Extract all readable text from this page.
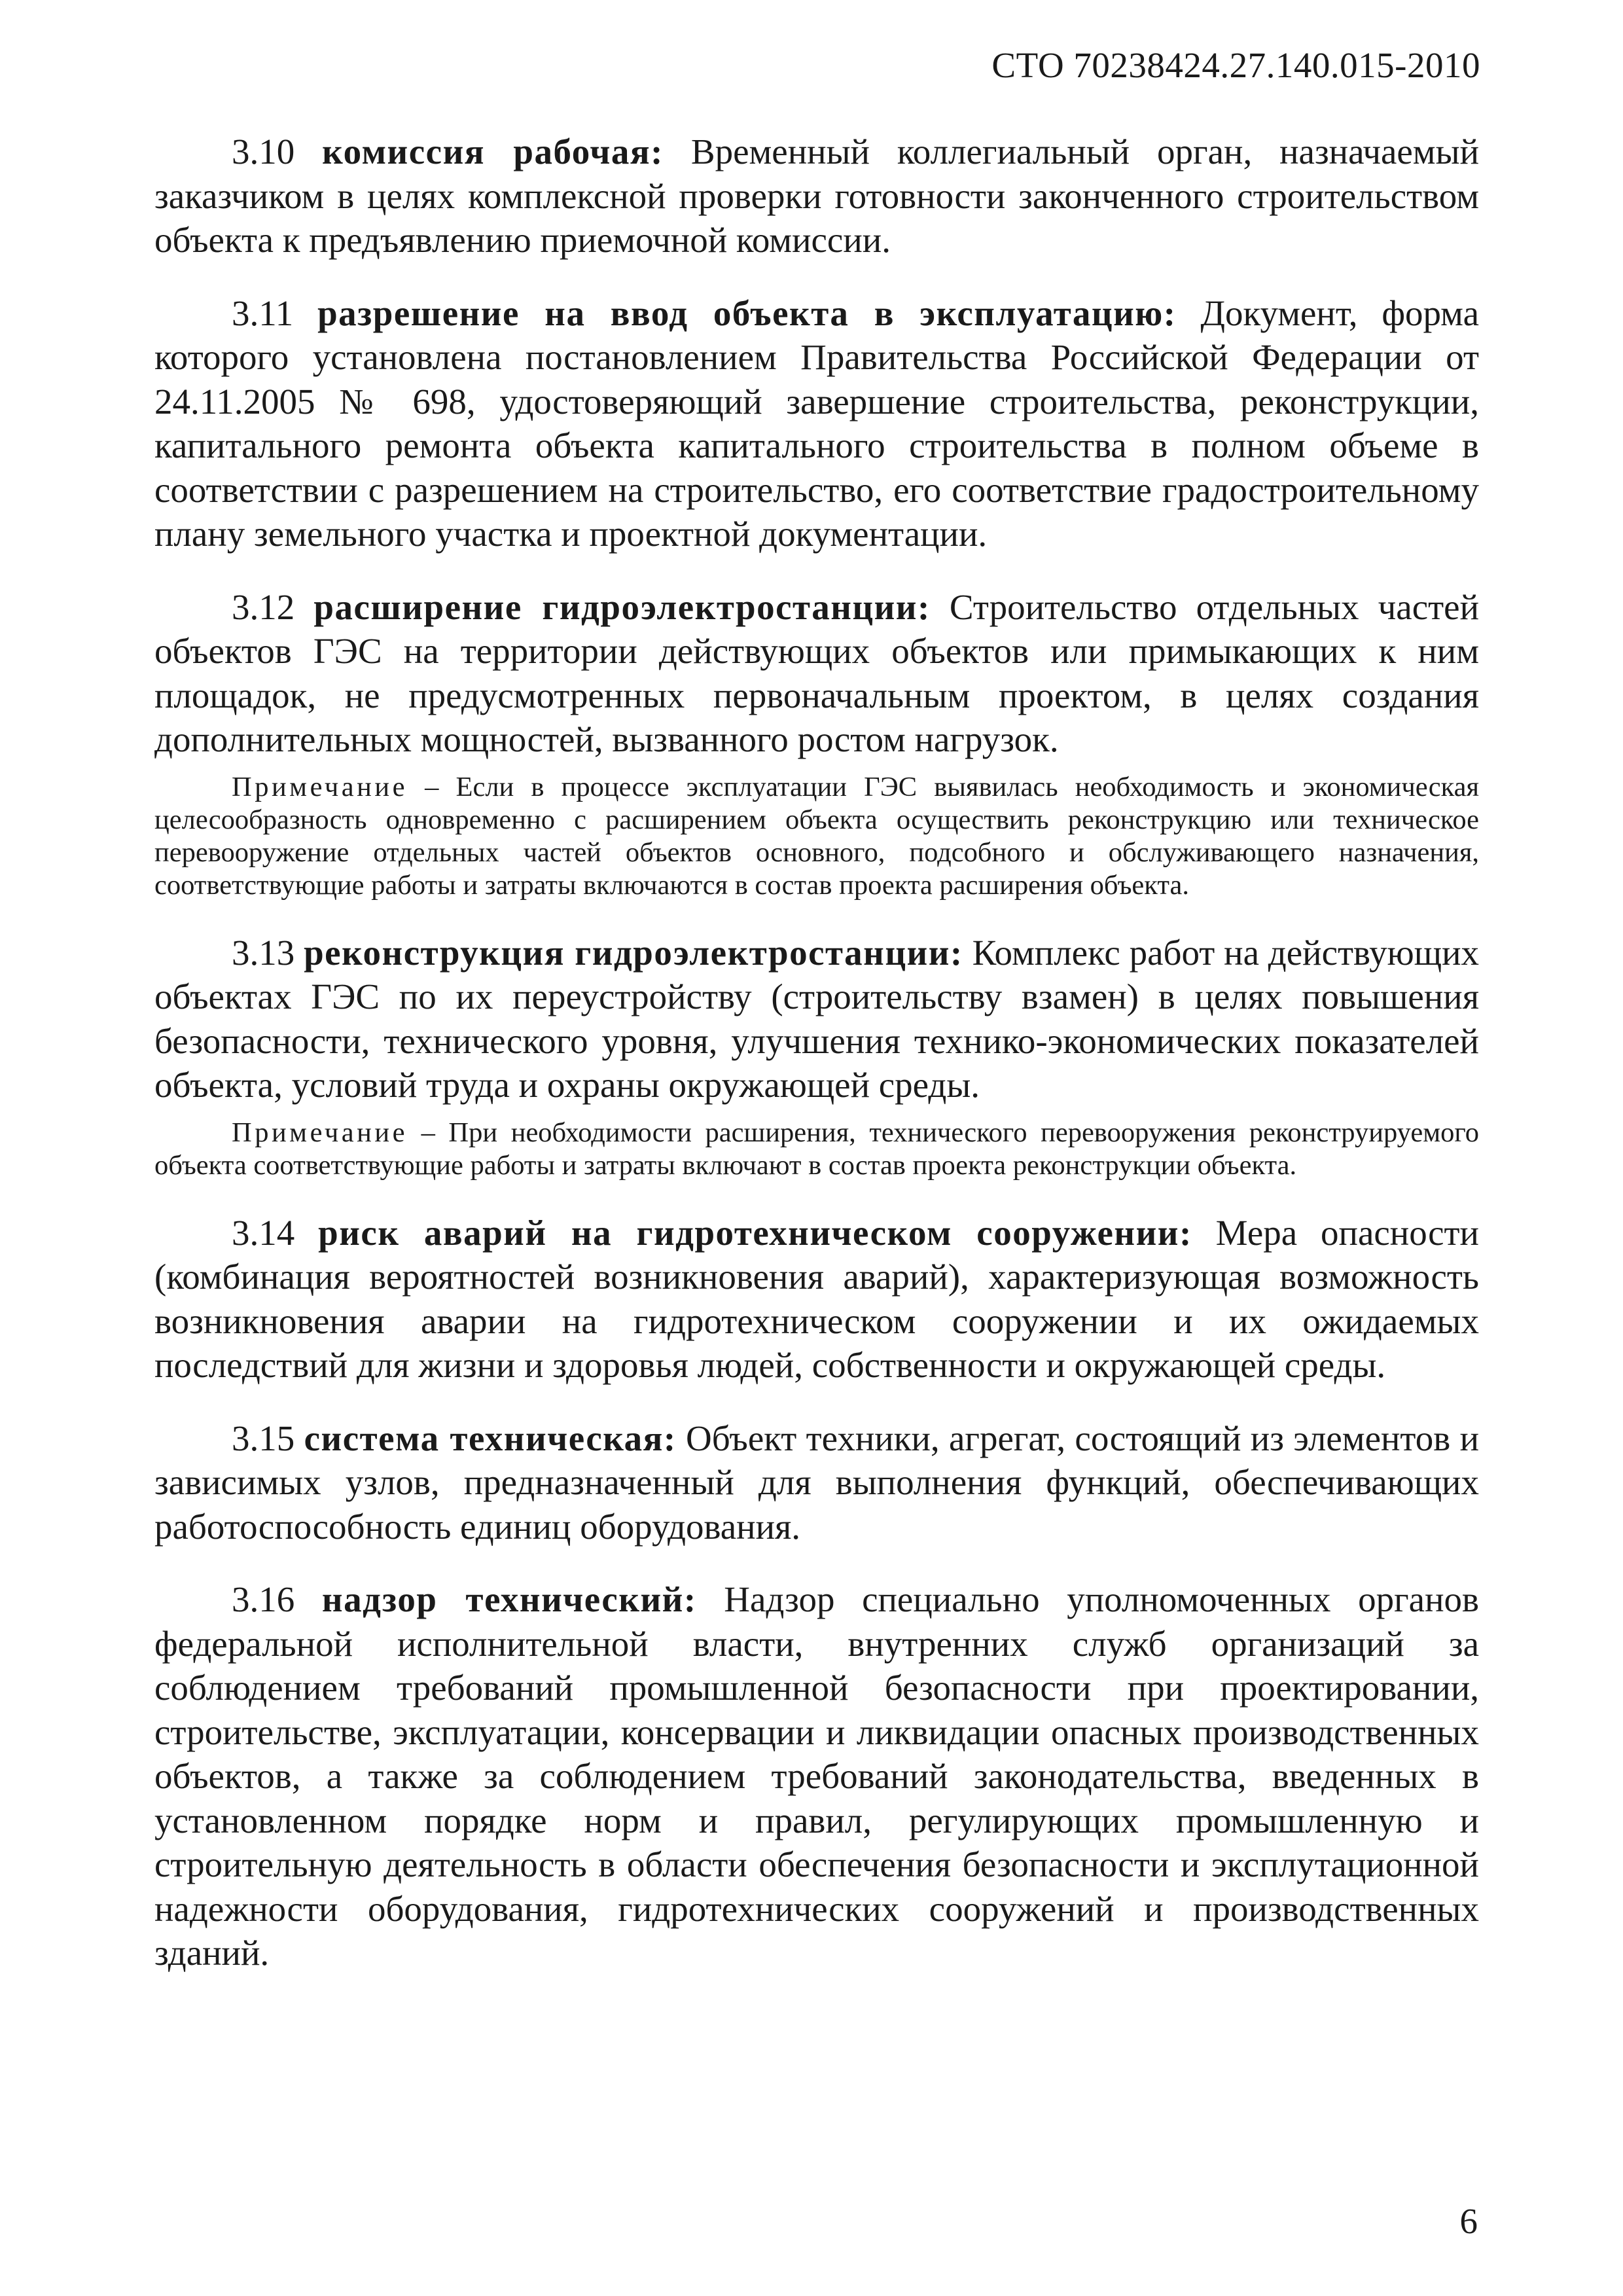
СТО 70238424.27.140.015-2010

3.10 комиссия рабочая: Временный коллегиальный орган, назначаемый заказчиком в целях комплексной проверки готовности законченного строительством объекта к предъявлению приемочной комиссии.

3.11 разрешение на ввод объекта в эксплуатацию: Документ, форма которого установлена постановлением Правительства Российской Федерации от 24.11.2005 № 698, удостоверяющий завершение строительства, реконструкции, капитального ремонта объекта капитального строительства в полном объеме в соответствии с разрешением на строительство, его соответствие градостроительному плану земельного участка и проектной документации.

3.12 расширение гидроэлектростанции: Строительство отдельных частей объектов ГЭС на территории действующих объектов или примыкающих к ним площадок, не предусмотренных первоначальным проектом, в целях создания дополнительных мощностей, вызванного ростом нагрузок.

Примечание – Если в процессе эксплуатации ГЭС выявилась необходимость и экономическая целесообразность одновременно с расширением объекта осуществить реконструкцию или техническое перевооружение отдельных частей объектов основного, подсобного и обслуживающего назначения, соответствующие работы и затраты включаются в состав проекта расширения объекта.

3.13 реконструкция гидроэлектростанции: Комплекс работ на действующих объектах ГЭС по их переустройству (строительству взамен) в целях повышения безопасности, технического уровня, улучшения технико-экономических показателей объекта, условий труда и охраны окружающей среды.

Примечание – При необходимости расширения, технического перевооружения реконструируемого объекта соответствующие работы и затраты включают в состав проекта реконструкции объекта.

3.14 риск аварий на гидротехническом сооружении: Мера опасности (комбинация вероятностей возникновения аварий), характеризующая возможность возникновения аварии на гидротехническом сооружении и их ожидаемых последствий для жизни и здоровья людей, собственности и окружающей среды.

3.15 система техническая: Объект техники, агрегат, состоящий из элементов и зависимых узлов, предназначенный для выполнения функций, обеспечивающих работоспособность единиц оборудования.

3.16 надзор технический: Надзор специально уполномоченных органов федеральной исполнительной власти, внутренних служб организаций за соблюдением требований промышленной безопасности при проектировании, строительстве, эксплуатации, консервации и ликвидации опасных производственных объектов, а также за соблюдением требований законодательства, введенных в установленном порядке норм и правил, регулирующих промышленную и строительную деятельность в области обеспечения безопасности и эксплутационной надежности оборудования, гидротехнических сооружений и производственных зданий.

6
